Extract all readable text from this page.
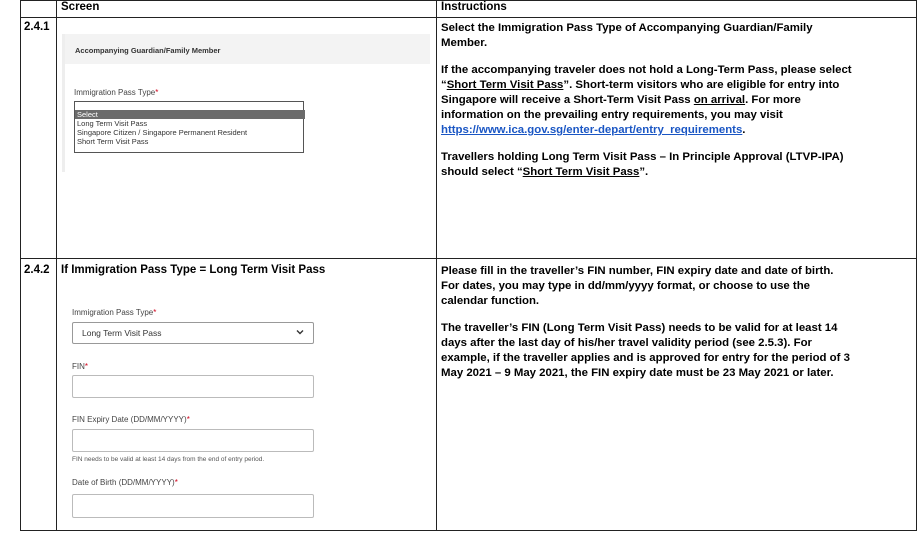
Screen	Instructions
2.4.1
Accompanying Guardian/Family Member
Immigration Pass Type*
Select
Long Term Visit Pass
Singapore Citizen / Singapore Permanent Resident
Short Term Visit Pass
Select the Immigration Pass Type of Accompanying Guardian/Family
Member.
If the accompanying traveler does not hold a Long-Term Pass, please select
“Short Term Visit Pass”. Short-term visitors who are eligible for entry into
Singapore will receive a Short-Term Visit Pass on arrival. For more
information on the prevailing entry requirements, you may visit
https://www.ica.gov.sg/enter-depart/entry_requirements.
Travellers holding Long Term Visit Pass – In Principle Approval (LTVP-IPA)
should select “Short Term Visit Pass”.
2.4.2 If Immigration Pass Type = Long Term Visit Pass
Immigration Pass Type*
Long Term Visit Pass
FIN*
FIN Expiry Date (DD/MM/YYYY)*
FIN needs to be valid at least 14 days from the end of entry period.
Date of Birth (DD/MM/YYYY)*
Please fill in the traveller’s FIN number, FIN expiry date and date of birth.
For dates, you may type in dd/mm/yyyy format, or choose to use the
calendar function.
The traveller’s FIN (Long Term Visit Pass) needs to be valid for at least 14
days after the last day of his/her travel validity period (see 2.5.3). For
example, if the traveller applies and is approved for entry for the period of 3
May 2021 – 9 May 2021, the FIN expiry date must be 23 May 2021 or later.
